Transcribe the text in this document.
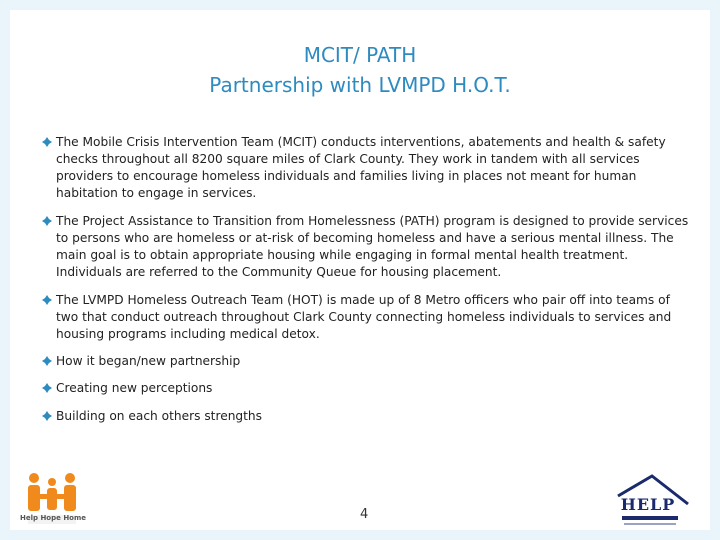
MCIT/ PATH
Partnership with LVMPD H.O.T.

The Mobile Crisis Intervention Team (MCIT) conducts interventions, abatements and health & safety checks throughout all 8200 square miles of Clark County. They work in tandem with all services providers to encourage homeless individuals and families living in places not meant for human habitation to engage in services.

The Project Assistance to Transition from Homelessness (PATH) program is designed to provide services to persons who are homeless or at-risk of becoming homeless and have a serious mental illness. The main goal is to obtain appropriate housing while engaging in formal mental health treatment. Individuals are referred to the Community Queue for housing placement.

The LVMPD Homeless Outreach Team (HOT) is made up of 8 Metro officers who pair off into teams of two that conduct outreach throughout Clark County connecting homeless individuals to services and housing programs including medical detox.

How it began/new partnership

Creating new perceptions

Building on each others strengths

Help Hope Home
HELP
4
